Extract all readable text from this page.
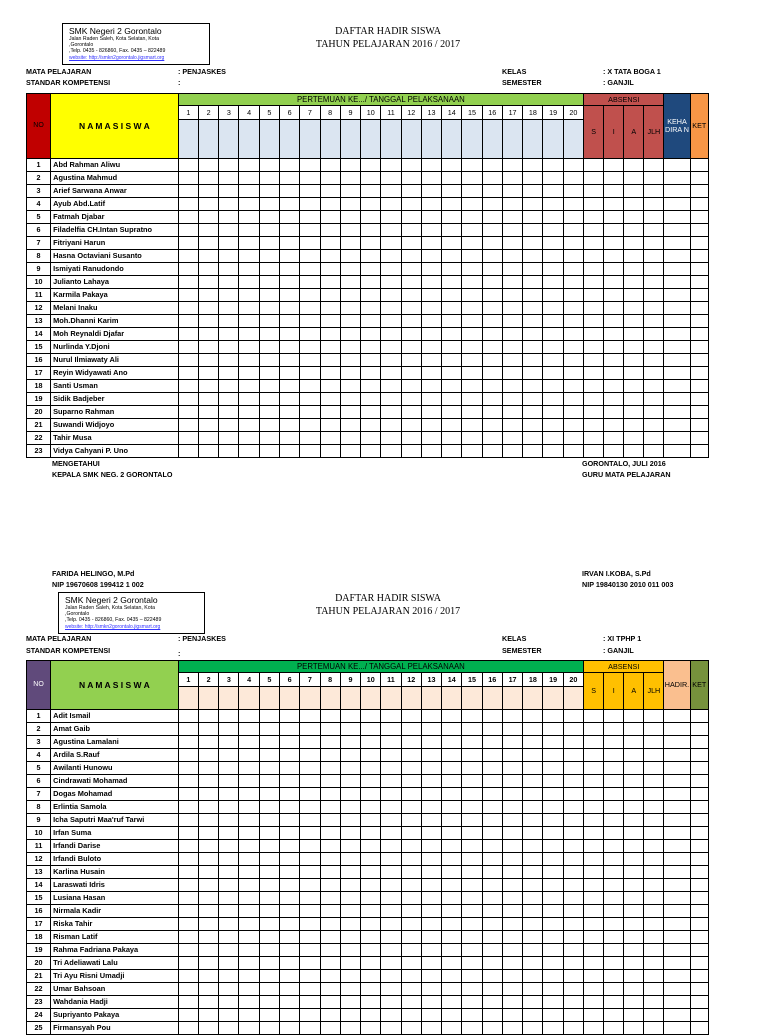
SMK Negeri 2 Gorontalo
Jalan Raden Saleh, Kota Selatan, Kota
,Gorontalo
,Telp. 0435 - 826860, Fax. 0435 – 822489
website: http://smkn2gorontalo.jigsmart.org
DAFTAR HADIR SISWA
TAHUN PELAJARAN 2016 / 2017
MATA PELAJARAN	: PENJASKES
STANDAR KOMPETENSI	:
KELAS	: X TATA BOGA 1
SEMESTER	: GANJIL
NO	N A M A S I S W A	PERTEMUAN KE.../ TANGGAL PELAKSANAAN																				ABSENSI				KEHA DIRA N	KET
		1	2	3	4	5	6	7	8	9	10	11	12	13	14	15	16	17	18	19	20	S	I	A	JLH		

1	Abd Rahman Aliwu																										
2	Agustina Mahmud																										
3	Arief Sarwana Anwar																										
4	Ayub Abd.Latif																										
5	Fatmah Djabar																										
6	Filadelfia CH.Intan Supratno																										
7	Fitriyani Harun																										
8	Hasna Octaviani Susanto																										
9	Ismiyati Ranudondo																										
10	Julianto Lahaya																										
11	Karmila Pakaya																										
12	Melani Inaku																										
13	Moh.Dhanni Karim																										
14	Moh Reynaldi Djafar																										
15	Nurlinda Y.Djoni																										
16	Nurul Ilmiawaty Ali																										
17	Reyin Widyawati Ano																										
18	Santi Usman																										
19	Sidik Badjeber																										
20	Suparno Rahman																										
21	Suwandi Widjoyo																										
22	Tahir Musa																										
23	Vidya Cahyani P. Uno																										
MENGETAHUI
KEPALA SMK NEG. 2 GORONTALO
GORONTALO, JULI 2016
GURU MATA PELAJARAN
FARIDA HELINGO, M.Pd
NIP 19670608 199412 1 002
IRVAN I.KOBA, S.Pd
NIP 19840130 2010 011 003
SMK Negeri 2 Gorontalo
Jalan Raden Saleh, Kota Selatan, Kota
,Gorontalo
,Telp. 0435 - 826860, Fax. 0435 – 822489
website: http://smkn2gorontalo.jigsmart.org
DAFTAR HADIR SISWA
TAHUN PELAJARAN 2016 / 2017
MATA PELAJARAN	: PENJASKES
STANDAR KOMPETENSI	:
KELAS	: XI TPHP 1
SEMESTER	: GANJIL
NO	N A M A S I S W A	PERTEMUAN KE.../ TANGGAL PELAKSANAAN																				ABSENSI				HADIR.	KET
		1	2	3	4	5	6	7	8	9	10	11	12	13	14	15	16	17	18	19	20	S	I	A	JLH		

1	Adit Ismail																										
2	Amat Gaib																										
3	Agustina Lamalani																										
4	Ardila S.Rauf																										
5	Awilanti Hunowu																										
6	Cindrawati Mohamad																										
7	Dogas Mohamad																										
8	Erlintia Samola																										
9	Icha Saputri Maa'ruf Tarwi																										
10	Irfan Suma																										
11	Irfandi Darise																										
12	Irfandi Buloto																										
13	Karlina Husain																										
14	Laraswati Idris																										
15	Lusiana Hasan																										
16	Nirmala Kadir																										
17	Riska Tahir																										
18	Risman Latif																										
19	Rahma Fadriana Pakaya																										
20	Tri Adeliawati Lalu																										
21	Tri Ayu Risni Umadji																										
22	Umar Bahsoan																										
23	Wahdania Hadji																										
24	Supriyanto Pakaya																										
25	Firmansyah Pou																										
